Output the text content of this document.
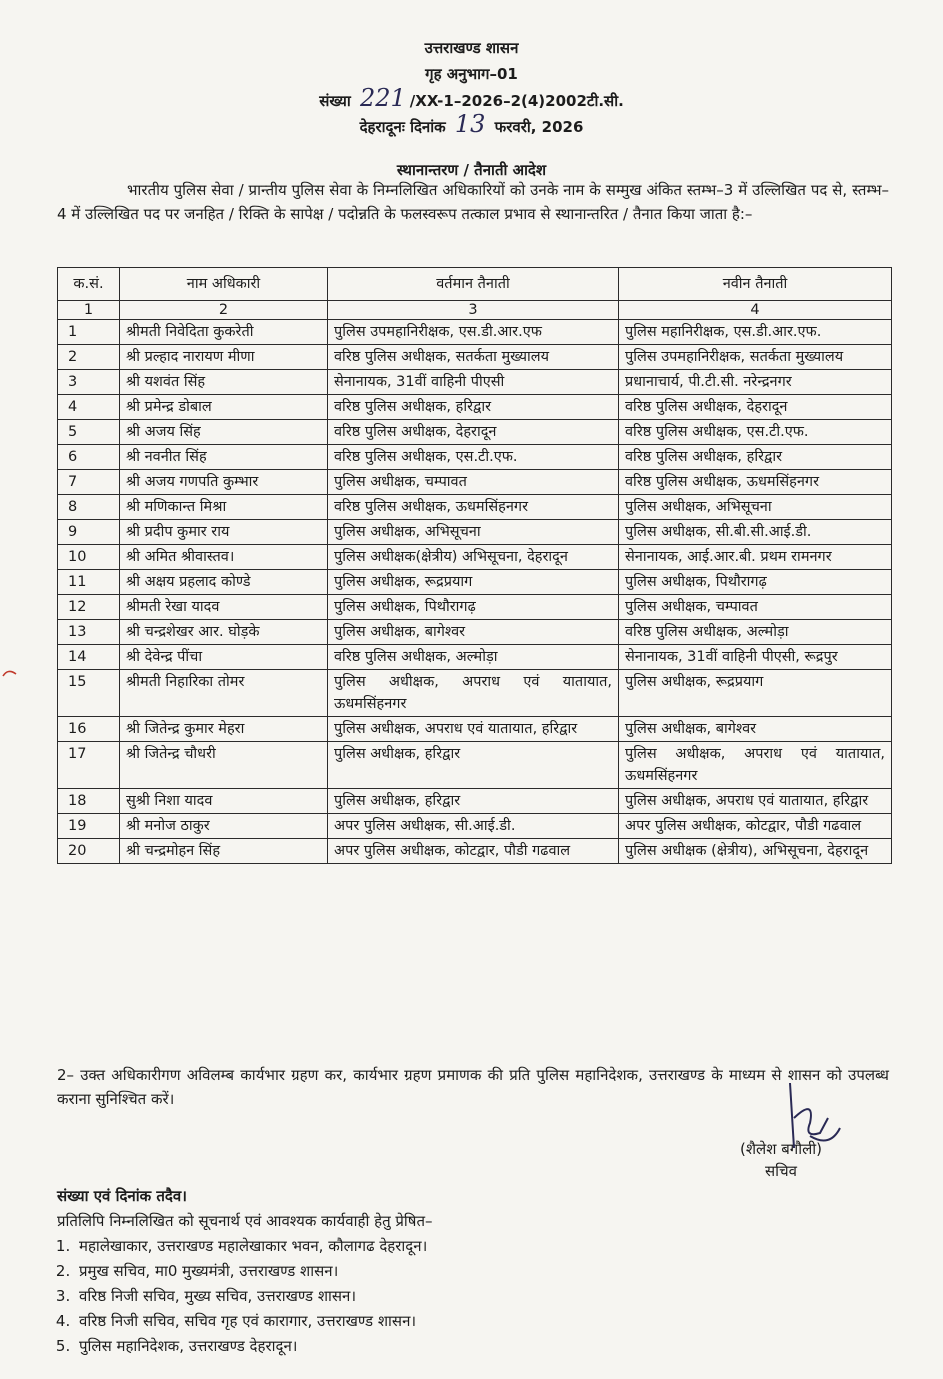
उत्तराखण्ड शासन
गृह अनुभाग–01
संख्या 221 /XX-1–2026–2(4)2002टी.सी.
देहरादूनः दिनांक 13 फरवरी, 2026
स्थानान्तरण / तैनाती आदेश
भारतीय पुलिस सेवा / प्रान्तीय पुलिस सेवा के निम्नलिखित अधिकारियों को उनके नाम के सम्मुख अंकित स्तम्भ–3 में उल्लिखित पद से, स्तम्भ–4 में उल्लिखित पद पर जनहित / रिक्ति के सापेक्ष / पदोन्नति के फलस्वरूप तत्काल प्रभाव से स्थानान्तरित / तैनात किया जाता है:–
क.सं.	नाम अधिकारी	वर्तमान तैनाती	नवीन तैनाती
1	2	3	4
1	श्रीमती निवेदिता कुकरेती	पुलिस उपमहानिरीक्षक, एस.डी.आर.एफ	पुलिस महानिरीक्षक, एस.डी.आर.एफ.
2	श्री प्रल्हाद नारायण मीणा	वरिष्ठ पुलिस अधीक्षक, सतर्कता मुख्यालय	पुलिस उपमहानिरीक्षक, सतर्कता मुख्यालय
3	श्री यशवंत सिंह	सेनानायक, 31वीं वाहिनी पीएसी	प्रधानाचार्य, पी.टी.सी. नरेन्द्रनगर
4	श्री प्रमेन्द्र डोबाल	वरिष्ठ पुलिस अधीक्षक, हरिद्वार	वरिष्ठ पुलिस अधीक्षक, देहरादून
5	श्री अजय सिंह	वरिष्ठ पुलिस अधीक्षक, देहरादून	वरिष्ठ पुलिस अधीक्षक, एस.टी.एफ.
6	श्री नवनीत सिंह	वरिष्ठ पुलिस अधीक्षक, एस.टी.एफ.	वरिष्ठ पुलिस अधीक्षक, हरिद्वार
7	श्री अजय गणपति कुम्भार	पुलिस अधीक्षक, चम्पावत	वरिष्ठ पुलिस अधीक्षक, ऊधमसिंहनगर
8	श्री मणिकान्त मिश्रा	वरिष्ठ पुलिस अधीक्षक, ऊधमसिंहनगर	पुलिस अधीक्षक, अभिसूचना
9	श्री प्रदीप कुमार राय	पुलिस अधीक्षक, अभिसूचना	पुलिस अधीक्षक, सी.बी.सी.आई.डी.
10	श्री अमित श्रीवास्तव।	पुलिस अधीक्षक(क्षेत्रीय) अभिसूचना, देहरादून	सेनानायक, आई.आर.बी. प्रथम रामनगर
11	श्री अक्षय प्रहलाद कोण्डे	पुलिस अधीक्षक, रूद्रप्रयाग	पुलिस अधीक्षक, पिथौरागढ़
12	श्रीमती रेखा यादव	पुलिस अधीक्षक, पिथौरागढ़	पुलिस अधीक्षक, चम्पावत
13	श्री चन्द्रशेखर आर. घोड़के	पुलिस अधीक्षक, बागेश्वर	वरिष्ठ पुलिस अधीक्षक, अल्मोड़ा
14	श्री देवेन्द्र पींचा	वरिष्ठ पुलिस अधीक्षक, अल्मोड़ा	सेनानायक, 31वीं वाहिनी पीएसी, रूद्रपुर
15	श्रीमती निहारिका तोमर	पुलिस अधीक्षक, अपराध एवं यातायात, ऊधमसिंहनगर	पुलिस अधीक्षक, रूद्रप्रयाग
16	श्री जितेन्द्र कुमार मेहरा	पुलिस अधीक्षक, अपराध एवं यातायात, हरिद्वार	पुलिस अधीक्षक, बागेश्वर
17	श्री जितेन्द्र चौधरी	पुलिस अधीक्षक, हरिद्वार	पुलिस अधीक्षक, अपराध एवं यातायात, ऊधमसिंहनगर
18	सुश्री निशा यादव	पुलिस अधीक्षक, हरिद्वार	पुलिस अधीक्षक, अपराध एवं यातायात, हरिद्वार
19	श्री मनोज ठाकुर	अपर पुलिस अधीक्षक, सी.आई.डी.	अपर पुलिस अधीक्षक, कोटद्वार, पौडी गढवाल
20	श्री चन्द्रमोहन सिंह	अपर पुलिस अधीक्षक, कोटद्वार, पौडी गढवाल	पुलिस अधीक्षक (क्षेत्रीय), अभिसूचना, देहरादून
2– उक्त अधिकारीगण अविलम्ब कार्यभार ग्रहण कर, कार्यभार ग्रहण प्रमाणक की प्रति पुलिस महानिदेशक, उत्तराखण्ड के माध्यम से शासन को उपलब्ध कराना सुनिश्चित करें।
(शैलेश बगौली)
सचिव
संख्या एवं दिनांक तदैव।
प्रतिलिपि निम्नलिखित को सूचनार्थ एवं आवश्यक कार्यवाही हेतु प्रेषित–
1. महालेखाकार, उत्तराखण्ड महालेखाकार भवन, कौलागढ देहरादून।
2. प्रमुख सचिव, मा0 मुख्यमंत्री, उत्तराखण्ड शासन।
3. वरिष्ठ निजी सचिव, मुख्य सचिव, उत्तराखण्ड शासन।
4. वरिष्ठ निजी सचिव, सचिव गृह एवं कारागार, उत्तराखण्ड शासन।
5. पुलिस महानिदेशक, उत्तराखण्ड देहरादून।
